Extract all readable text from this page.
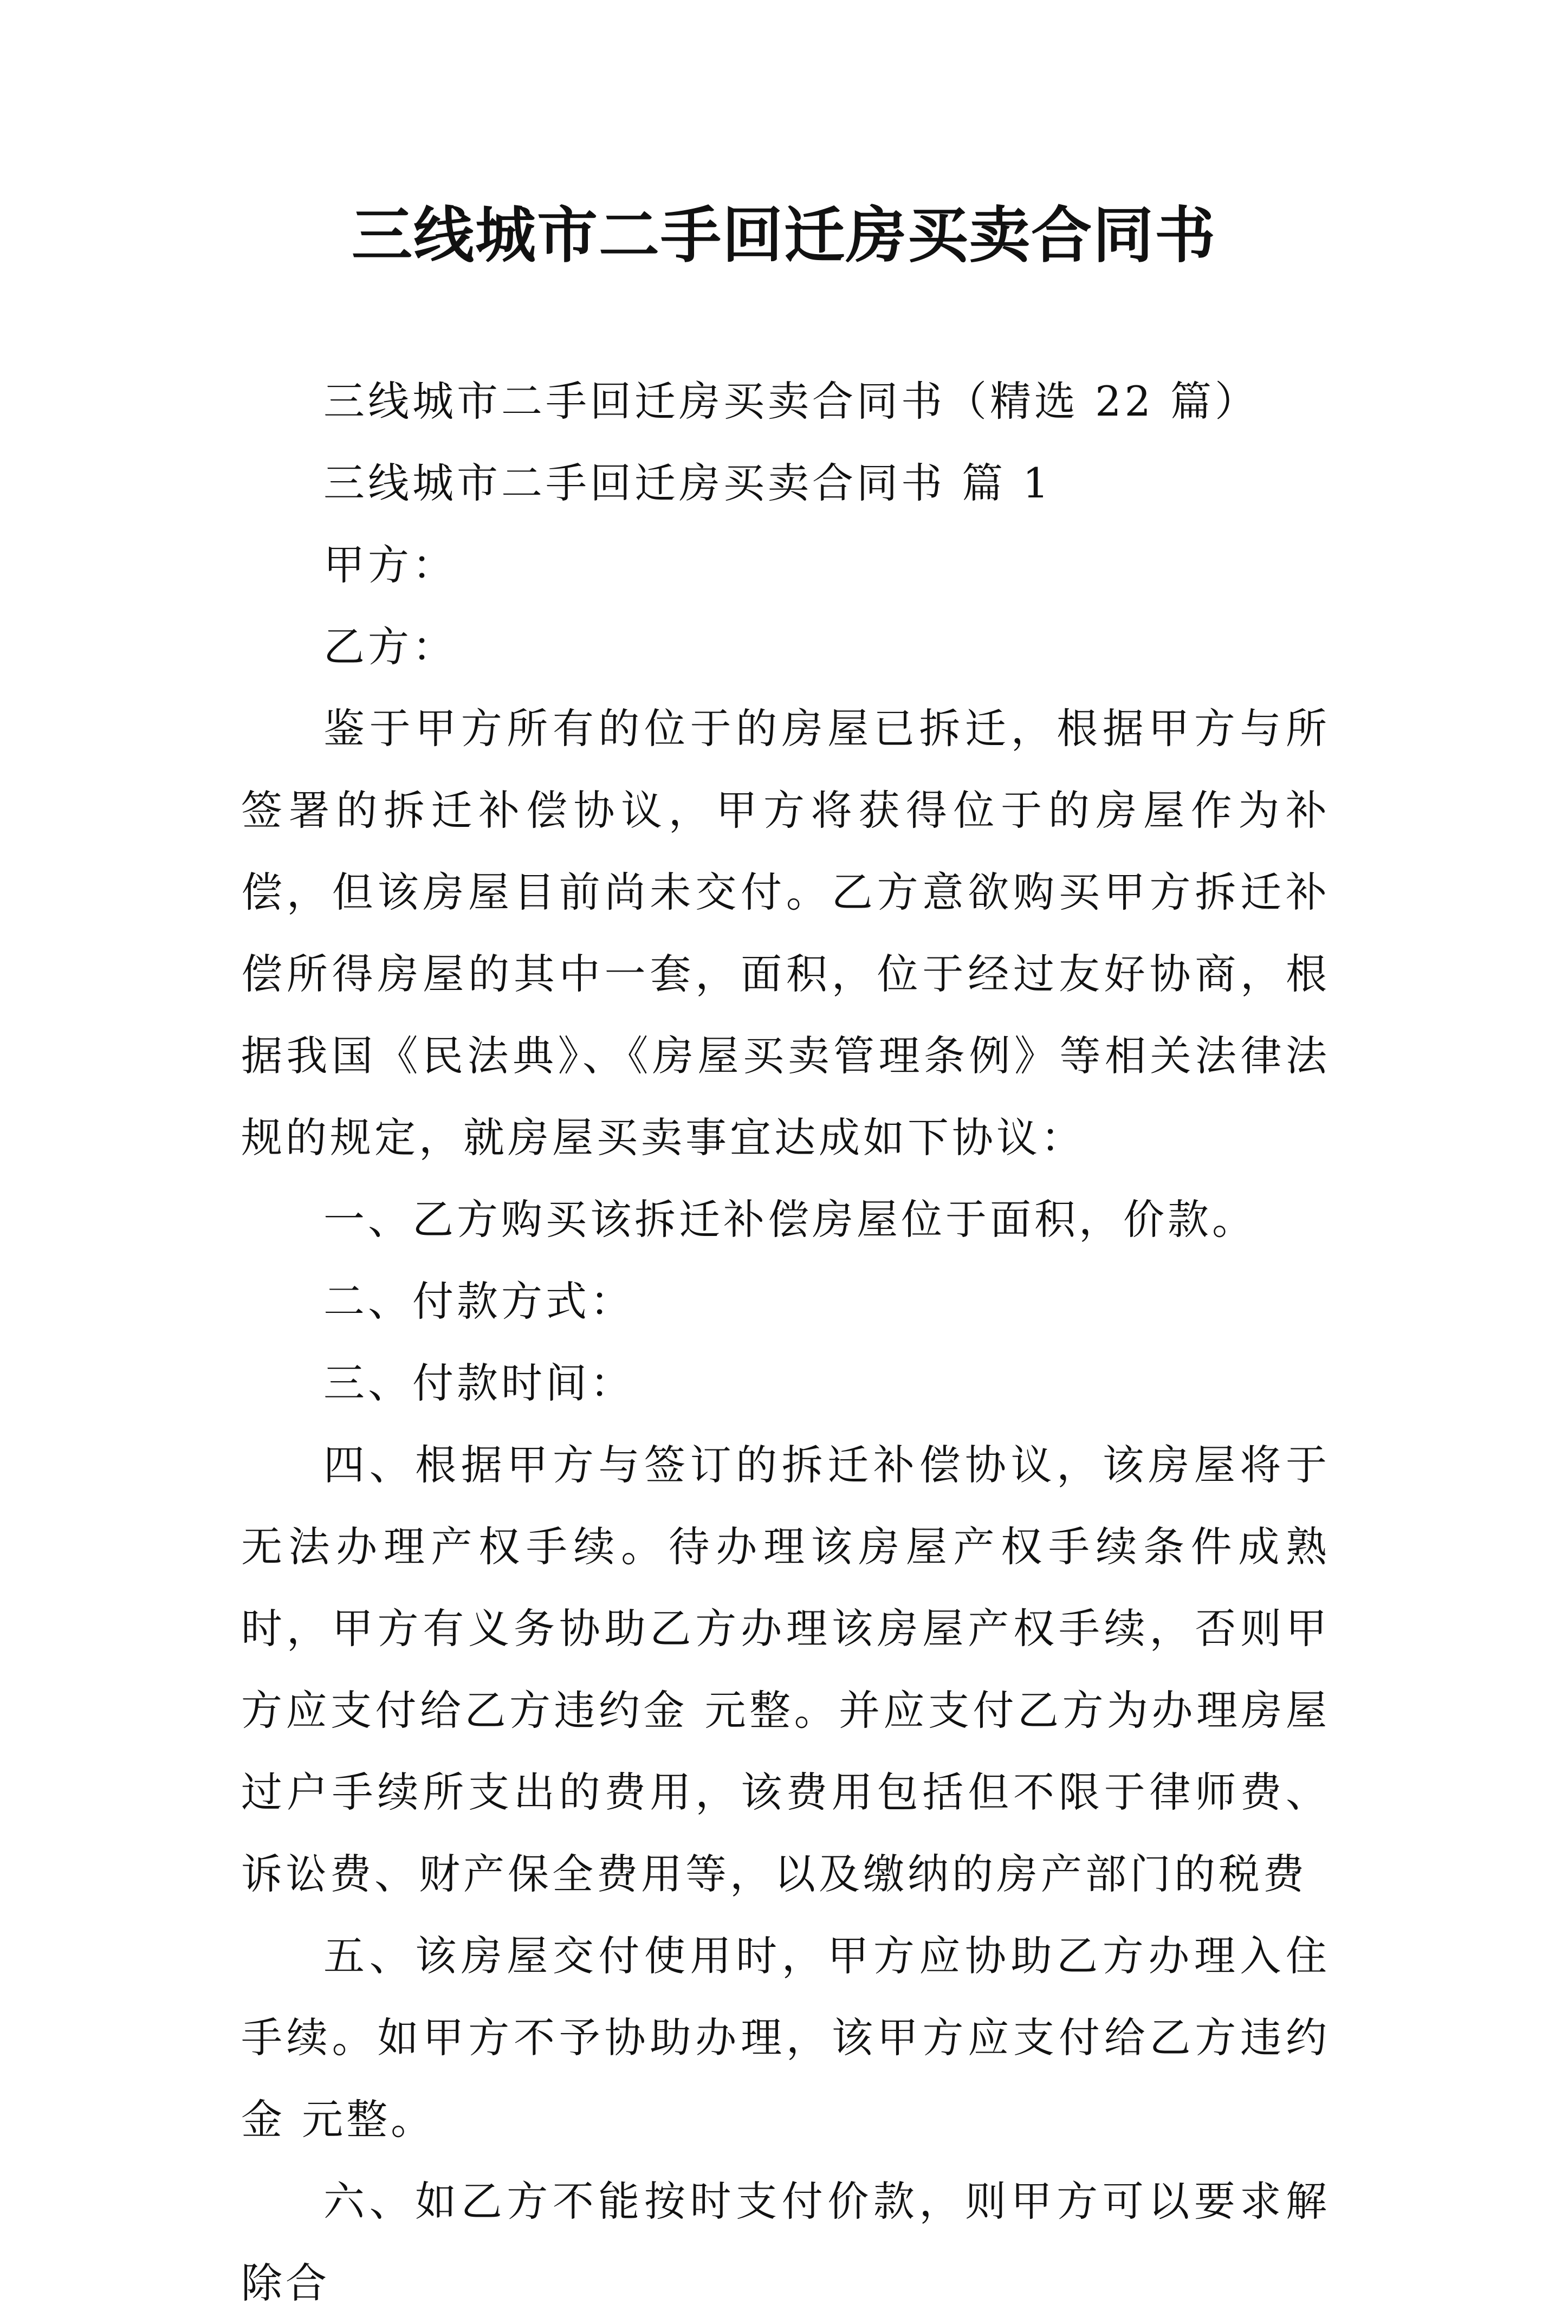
三线城市二手回迁房买卖合同书

三线城市二手回迁房买卖合同书（精选 22 篇）

三线城市二手回迁房买卖合同书 篇 1

甲方：

乙方：

鉴于甲方所有的位于的房屋已拆迁，根据甲方与所签署的拆迁补偿协议，甲方将获得位于的房屋作为补偿，但该房屋目前尚未交付。乙方意欲购买甲方拆迁补偿所得房屋的其中一套，面积，位于经过友好协商，根据我国《民法典》、《房屋买卖管理条例》等相关法律法规的规定，就房屋买卖事宜达成如下协议：

一、乙方购买该拆迁补偿房屋位于面积，价款。

二、付款方式：

三、付款时间：

四、根据甲方与签订的拆迁补偿协议，该房屋将于无法办理产权手续。待办理该房屋产权手续条件成熟时，甲方有义务协助乙方办理该房屋产权手续，否则甲方应支付给乙方违约金 元整。并应支付乙方为办理房屋过户手续所支出的费用，该费用包括但不限于律师费、诉讼费、财产保全费用等，以及缴纳的房产部门的税费

五、该房屋交付使用时，甲方应协助乙方办理入住手续。如甲方不予协助办理，该甲方应支付给乙方违约金 元整。

六、如乙方不能按时支付价款，则甲方可以要求解除合
